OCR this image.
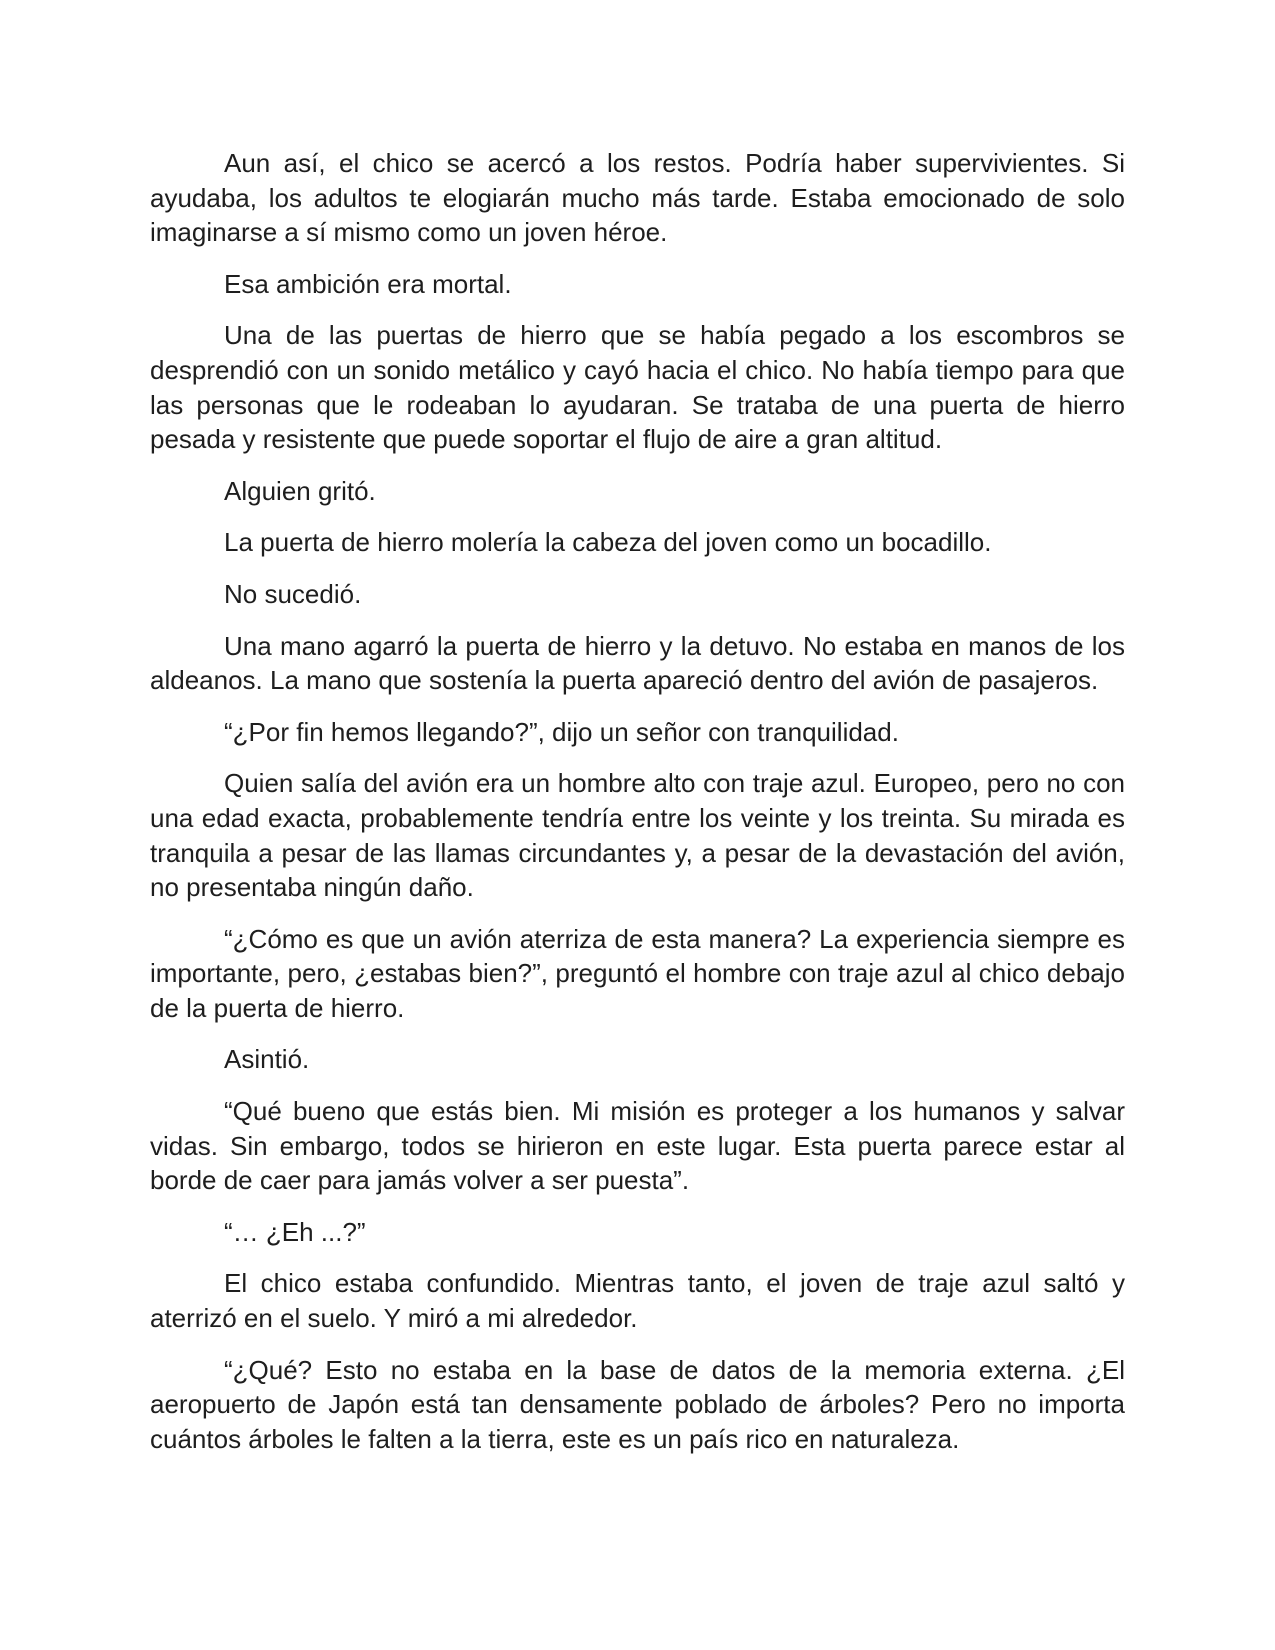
Aun así, el chico se acercó a los restos. Podría haber supervivientes. Si ayudaba, los adultos te elogiarán mucho más tarde. Estaba emocionado de solo imaginarse a sí mismo como un joven héroe.

Esa ambición era mortal.

Una de las puertas de hierro que se había pegado a los escombros se desprendió con un sonido metálico y cayó hacia el chico. No había tiempo para que las personas que le rodeaban lo ayudaran. Se trataba de una puerta de hierro pesada y resistente que puede soportar el flujo de aire a gran altitud.

Alguien gritó.

La puerta de hierro molería la cabeza del joven como un bocadillo.

No sucedió.

Una mano agarró la puerta de hierro y la detuvo. No estaba en manos de los aldeanos. La mano que sostenía la puerta apareció dentro del avión de pasajeros.

“¿Por fin hemos llegando?”, dijo un señor con tranquilidad.

Quien salía del avión era un hombre alto con traje azul. Europeo, pero no con una edad exacta, probablemente tendría entre los veinte y los treinta. Su mirada es tranquila a pesar de las llamas circundantes y, a pesar de la devastación del avión, no presentaba ningún daño.

“¿Cómo es que un avión aterriza de esta manera? La experiencia siempre es importante, pero, ¿estabas bien?”, preguntó el hombre con traje azul al chico debajo de la puerta de hierro.

Asintió.

“Qué bueno que estás bien. Mi misión es proteger a los humanos y salvar vidas. Sin embargo, todos se hirieron en este lugar. Esta puerta parece estar al borde de caer para jamás volver a ser puesta”.

“… ¿Eh ...?”

El chico estaba confundido. Mientras tanto, el joven de traje azul saltó y aterrizó en el suelo. Y miró a mi alrededor.

“¿Qué? Esto no estaba en la base de datos de la memoria externa. ¿El aeropuerto de Japón está tan densamente poblado de árboles? Pero no importa cuántos árboles le falten a la tierra, este es un país rico en naturaleza.
